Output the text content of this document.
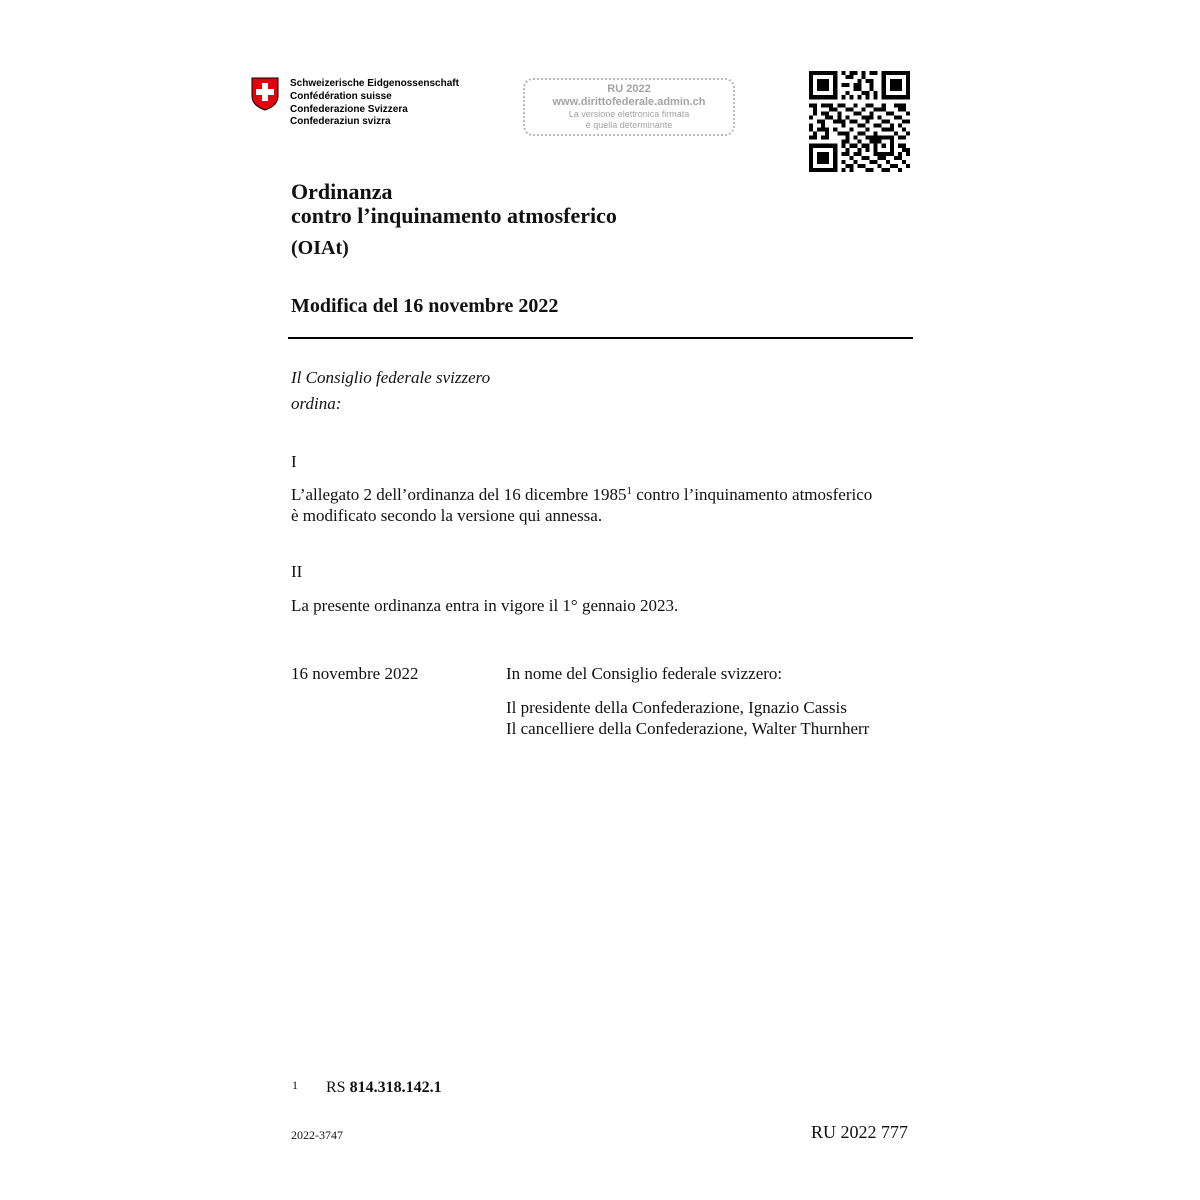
Schweizerische Eidgenossenschaft
Confédération suisse
Confederazione Svizzera
Confederaziun svizra
RU 2022
www.dirittofederale.admin.ch
La versione elettronica firmata
è quella determinante
Ordinanza
contro l’inquinamento atmosferico
(OIAt)
Modifica del 16 novembre 2022
Il Consiglio federale svizzero
ordina:
I
L’allegato 2 dell’ordinanza del 16 dicembre 1985$^1$ contro l’inquinamento atmosferico
è modificato secondo la versione qui annessa.
II
La presente ordinanza entra in vigore il 1° gennaio 2023.
16 novembre 2022	In nome del Consiglio federale svizzero:
Il presidente della Confederazione, Ignazio Cassis
Il cancelliere della Confederazione, Walter Thurnherr
1 RS 814.318.142.1
2022-3747	RU 2022 777
